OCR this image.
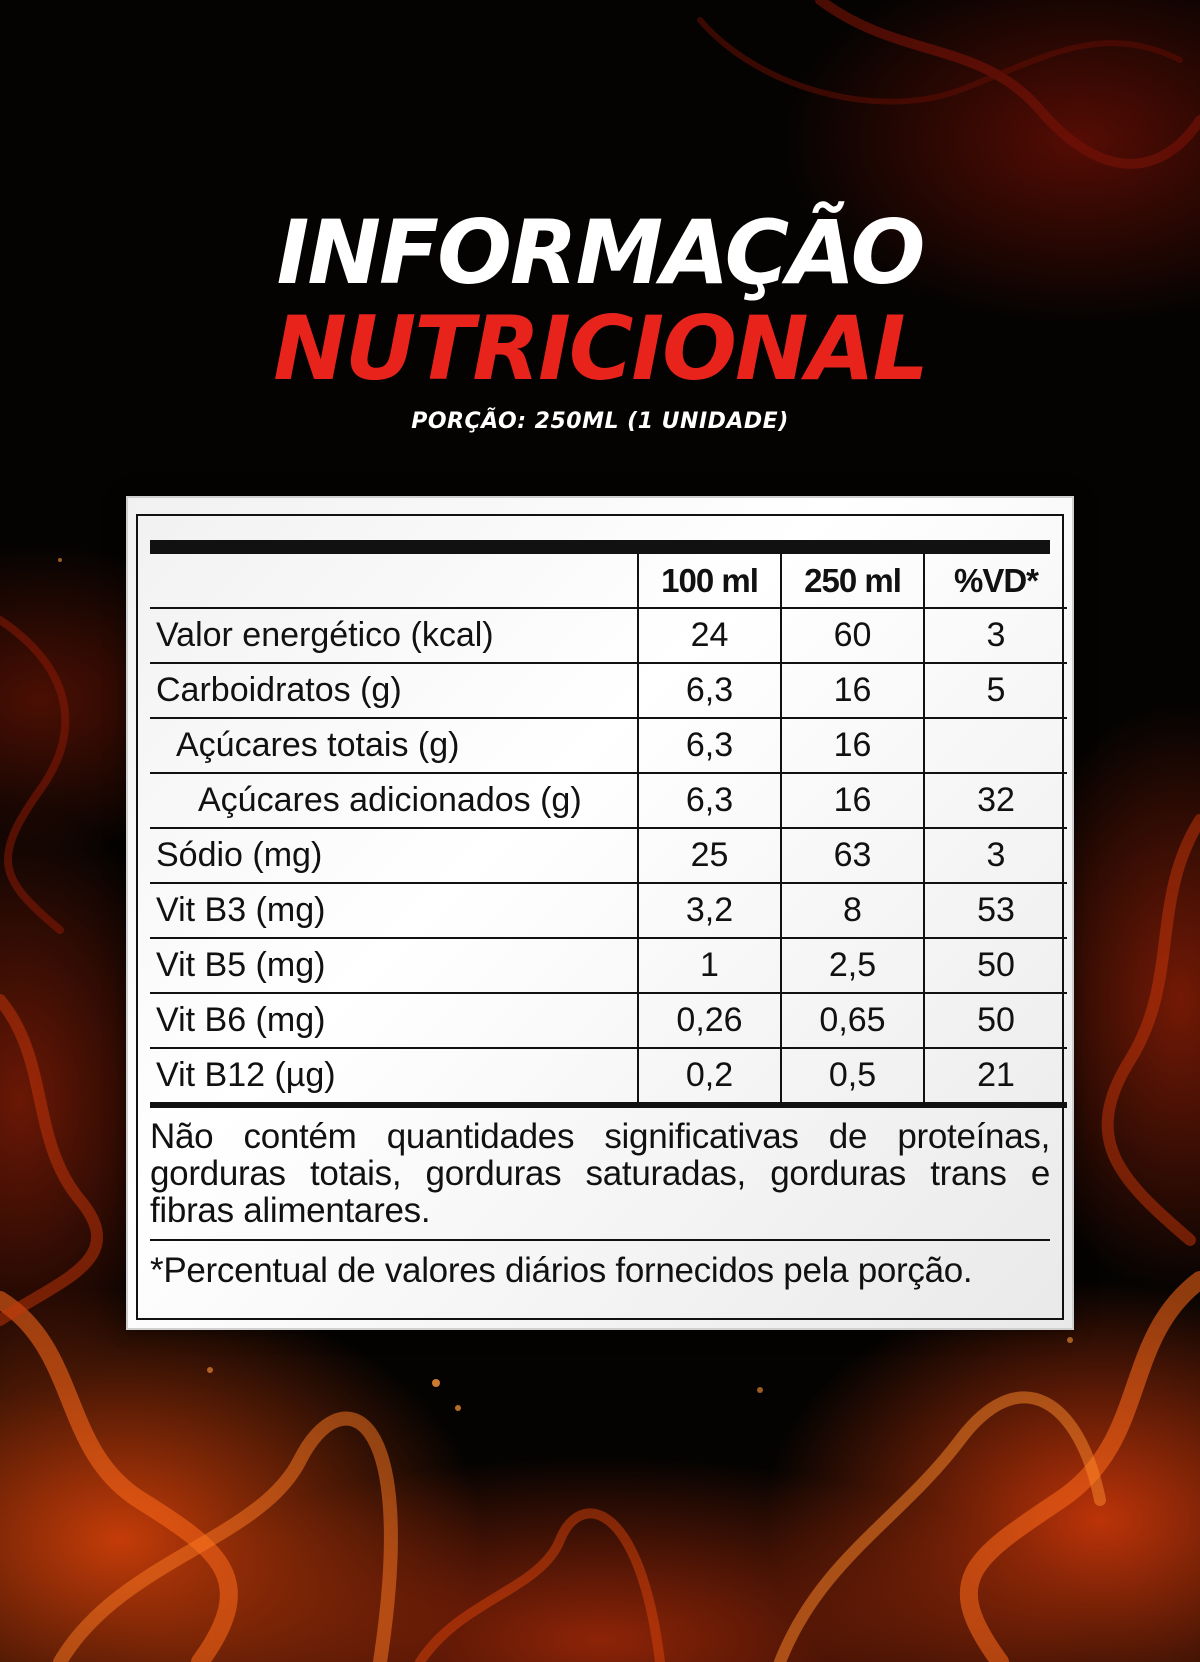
INFORMAÇÃO
NUTRICIONAL
PORÇÃO: 250ML (1 UNIDADE)
	100 ml	250 ml	%VD*
Valor energético (kcal)	24	60	3
Carboidratos (g)	6,3	16	5
Açúcares totais (g)	6,3	16	
Açúcares adicionados (g)	6,3	16	32
Sódio (mg)	25	63	3
Vit B3 (mg)	3,2	8	53
Vit B5 (mg)	1	2,5	50
Vit B6 (mg)	0,26	0,65	50
Vit B12 (µg)	0,2	0,5	21
Não contém quantidades significativas de proteínas, gorduras totais, gorduras saturadas, gorduras trans e fibras alimentares.
*Percentual de valores diários fornecidos pela porção.
